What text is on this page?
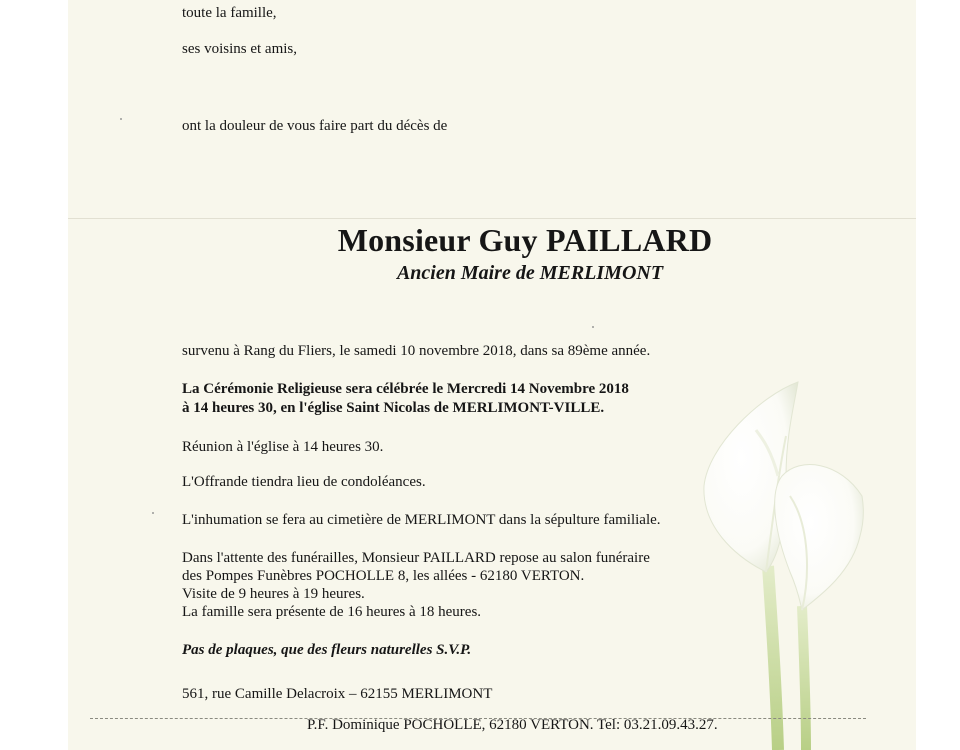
toute la famille,
ses voisins et amis,
ont la douleur de vous faire part du décès de
Monsieur Guy PAILLARD
Ancien Maire de MERLIMONT
survenu à Rang du Fliers, le samedi 10 novembre 2018, dans sa 89ème année.
La Cérémonie Religieuse sera célébrée le Mercredi 14 Novembre 2018
à 14 heures 30, en l'église Saint Nicolas de MERLIMONT-VILLE.
Réunion à l'église à 14 heures 30.
L'Offrande tiendra lieu de condoléances.
L'inhumation se fera au cimetière de MERLIMONT dans la sépulture familiale.
Dans l'attente des funérailles, Monsieur PAILLARD repose au salon funéraire
des Pompes Funèbres POCHOLLE 8, les allées - 62180 VERTON.
Visite de 9 heures à 19 heures.
La famille sera présente de 16 heures à 18 heures.
Pas de plaques, que des fleurs naturelles S.V.P.
561, rue Camille Delacroix – 62155 MERLIMONT
P.F. Dominique POCHOLLE, 62180 VERTON. Tel: 03.21.09.43.27.
